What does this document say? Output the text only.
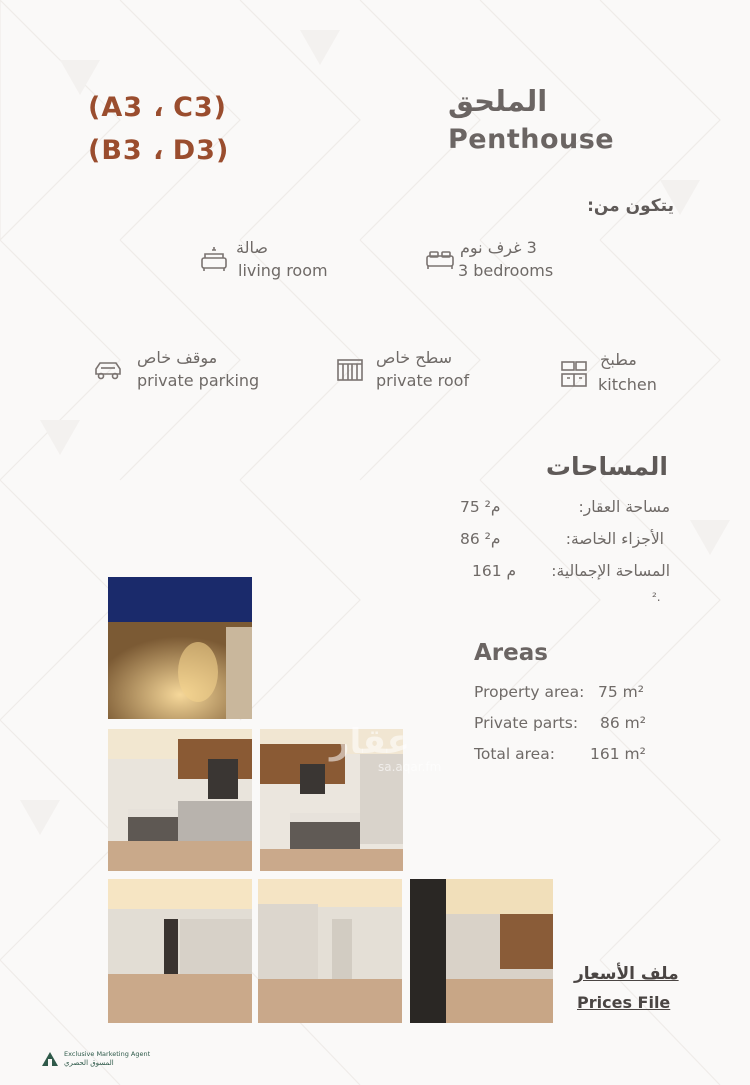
(A3 ، C3)
(B3 ، D3)
الملحق
Penthouse
يتكون من:
صالة
living room
3 غرف نوم
3 bedrooms
موقف خاص
private parking
سطح خاص
private roof
مطبخ
kitchen
المساحات
مساحة العقار:
75 م²
الأجزاء الخاصة:
86 م²
المساحة الإجمالية:
161 م
².
Areas
Property area: 75 m²
Private parts: 86 m²
Total area: 161 m²
عقار
sa.aqar.fm
ملف الأسعار
Prices File
Exclusive Marketing Agent
المسوق الحصري
